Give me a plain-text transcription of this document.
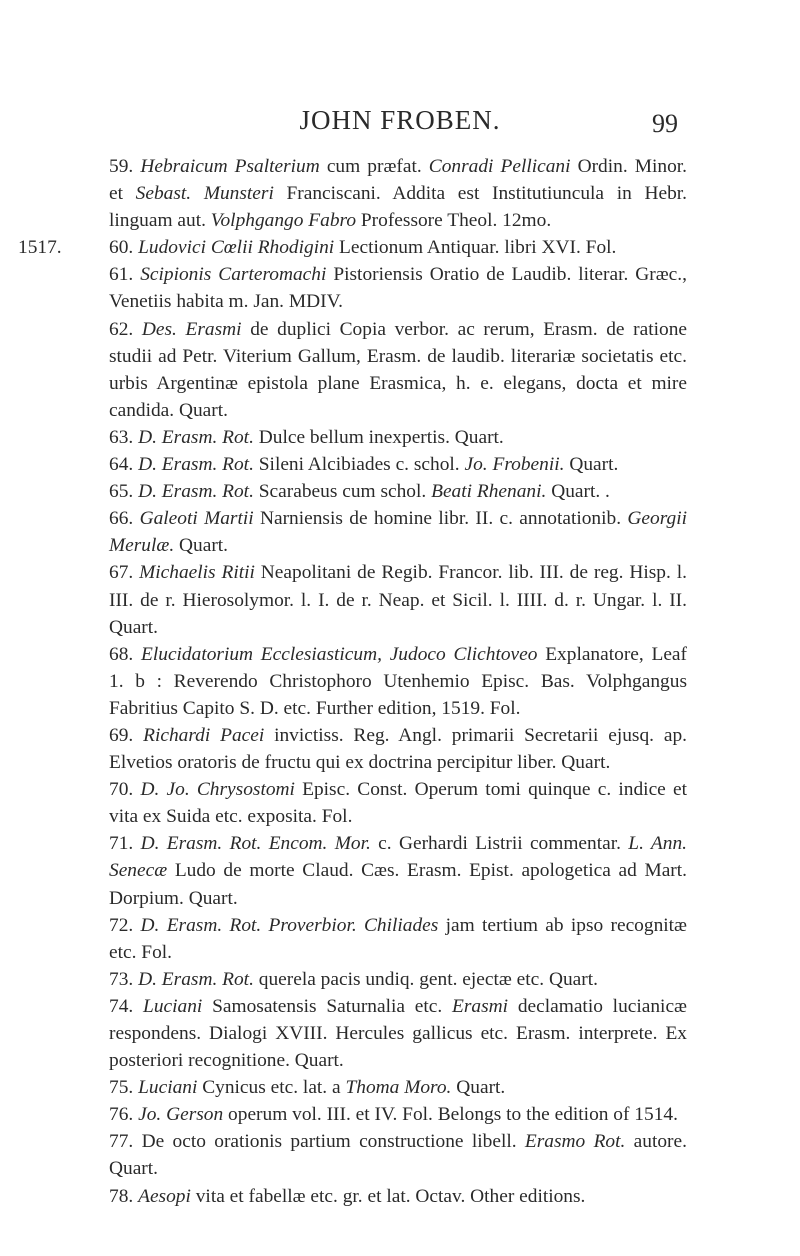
JOHN FROBEN.	99

59. Hebraicum Psalterium cum præfat. Conradi Pellicani Ordin. Minor. et Sebast. Munsteri Franciscani. Addita est Institutiuncula in Hebr. linguam aut. Volphgango Fabro Professore Theol. 12mo.

1517. 60. Ludovici Cœlii Rhodigini Lectionum Antiquar. libri XVI. Fol.

61. Scipionis Carteromachi Pistoriensis Oratio de Laudib. literar. Græc., Venetiis habita m. Jan. MDIV.

62. Des. Erasmi de duplici Copia verbor. ac rerum, Erasm. de ratione studii ad Petr. Viterium Gallum, Erasm. de laudib. literariæ societatis etc. urbis Argentinæ epistola plane Erasmica, h. e. elegans, docta et mire candida. Quart.

63. D. Erasm. Rot. Dulce bellum inexpertis. Quart.

64. D. Erasm. Rot. Sileni Alcibiades c. schol. Jo. Frobenii. Quart.

65. D. Erasm. Rot. Scarabeus cum schol. Beati Rhenani. Quart. .

66. Galeoti Martii Narniensis de homine libr. II. c. annotationib. Georgii Merulæ. Quart.

67. Michaelis Ritii Neapolitani de Regib. Francor. lib. III. de reg. Hisp. l. III. de r. Hierosolymor. l. I. de r. Neap. et Sicil. l. IIII. d. r. Ungar. l. II. Quart.

68. Elucidatorium Ecclesiasticum, Judoco Clichtoveo Explanatore, Leaf 1. b : Reverendo Christophoro Utenhemio Episc. Bas. Volphgangus Fabritius Capito S. D. etc. Further edition, 1519. Fol.

69. Richardi Pacei invictiss. Reg. Angl. primarii Secretarii ejusq. ap. Elvetios oratoris de fructu qui ex doctrina percipitur liber. Quart.

70. D. Jo. Chrysostomi Episc. Const. Operum tomi quinque c. indice et vita ex Suida etc. exposita. Fol.

71. D. Erasm. Rot. Encom. Mor. c. Gerhardi Listrii commentar. L. Ann. Senecæ Ludo de morte Claud. Cæs. Erasm. Epist. apologetica ad Mart. Dorpium. Quart.

72. D. Erasm. Rot. Proverbior. Chiliades jam tertium ab ipso recognitæ etc. Fol.

73. D. Erasm. Rot. querela pacis undiq. gent. ejectæ etc. Quart.

74. Luciani Samosatensis Saturnalia etc. Erasmi declamatio lucianicæ respondens. Dialogi XVIII. Hercules gallicus etc. Erasm. interprete. Ex posteriori recognitione. Quart.

75. Luciani Cynicus etc. lat. a Thoma Moro. Quart.

76. Jo. Gerson operum vol. III. et IV. Fol. Belongs to the edition of 1514.

77. De octo orationis partium constructione libell. Erasmo Rot. autore. Quart.

78. Aesopi vita et fabellæ etc. gr. et lat. Octav. Other editions.
